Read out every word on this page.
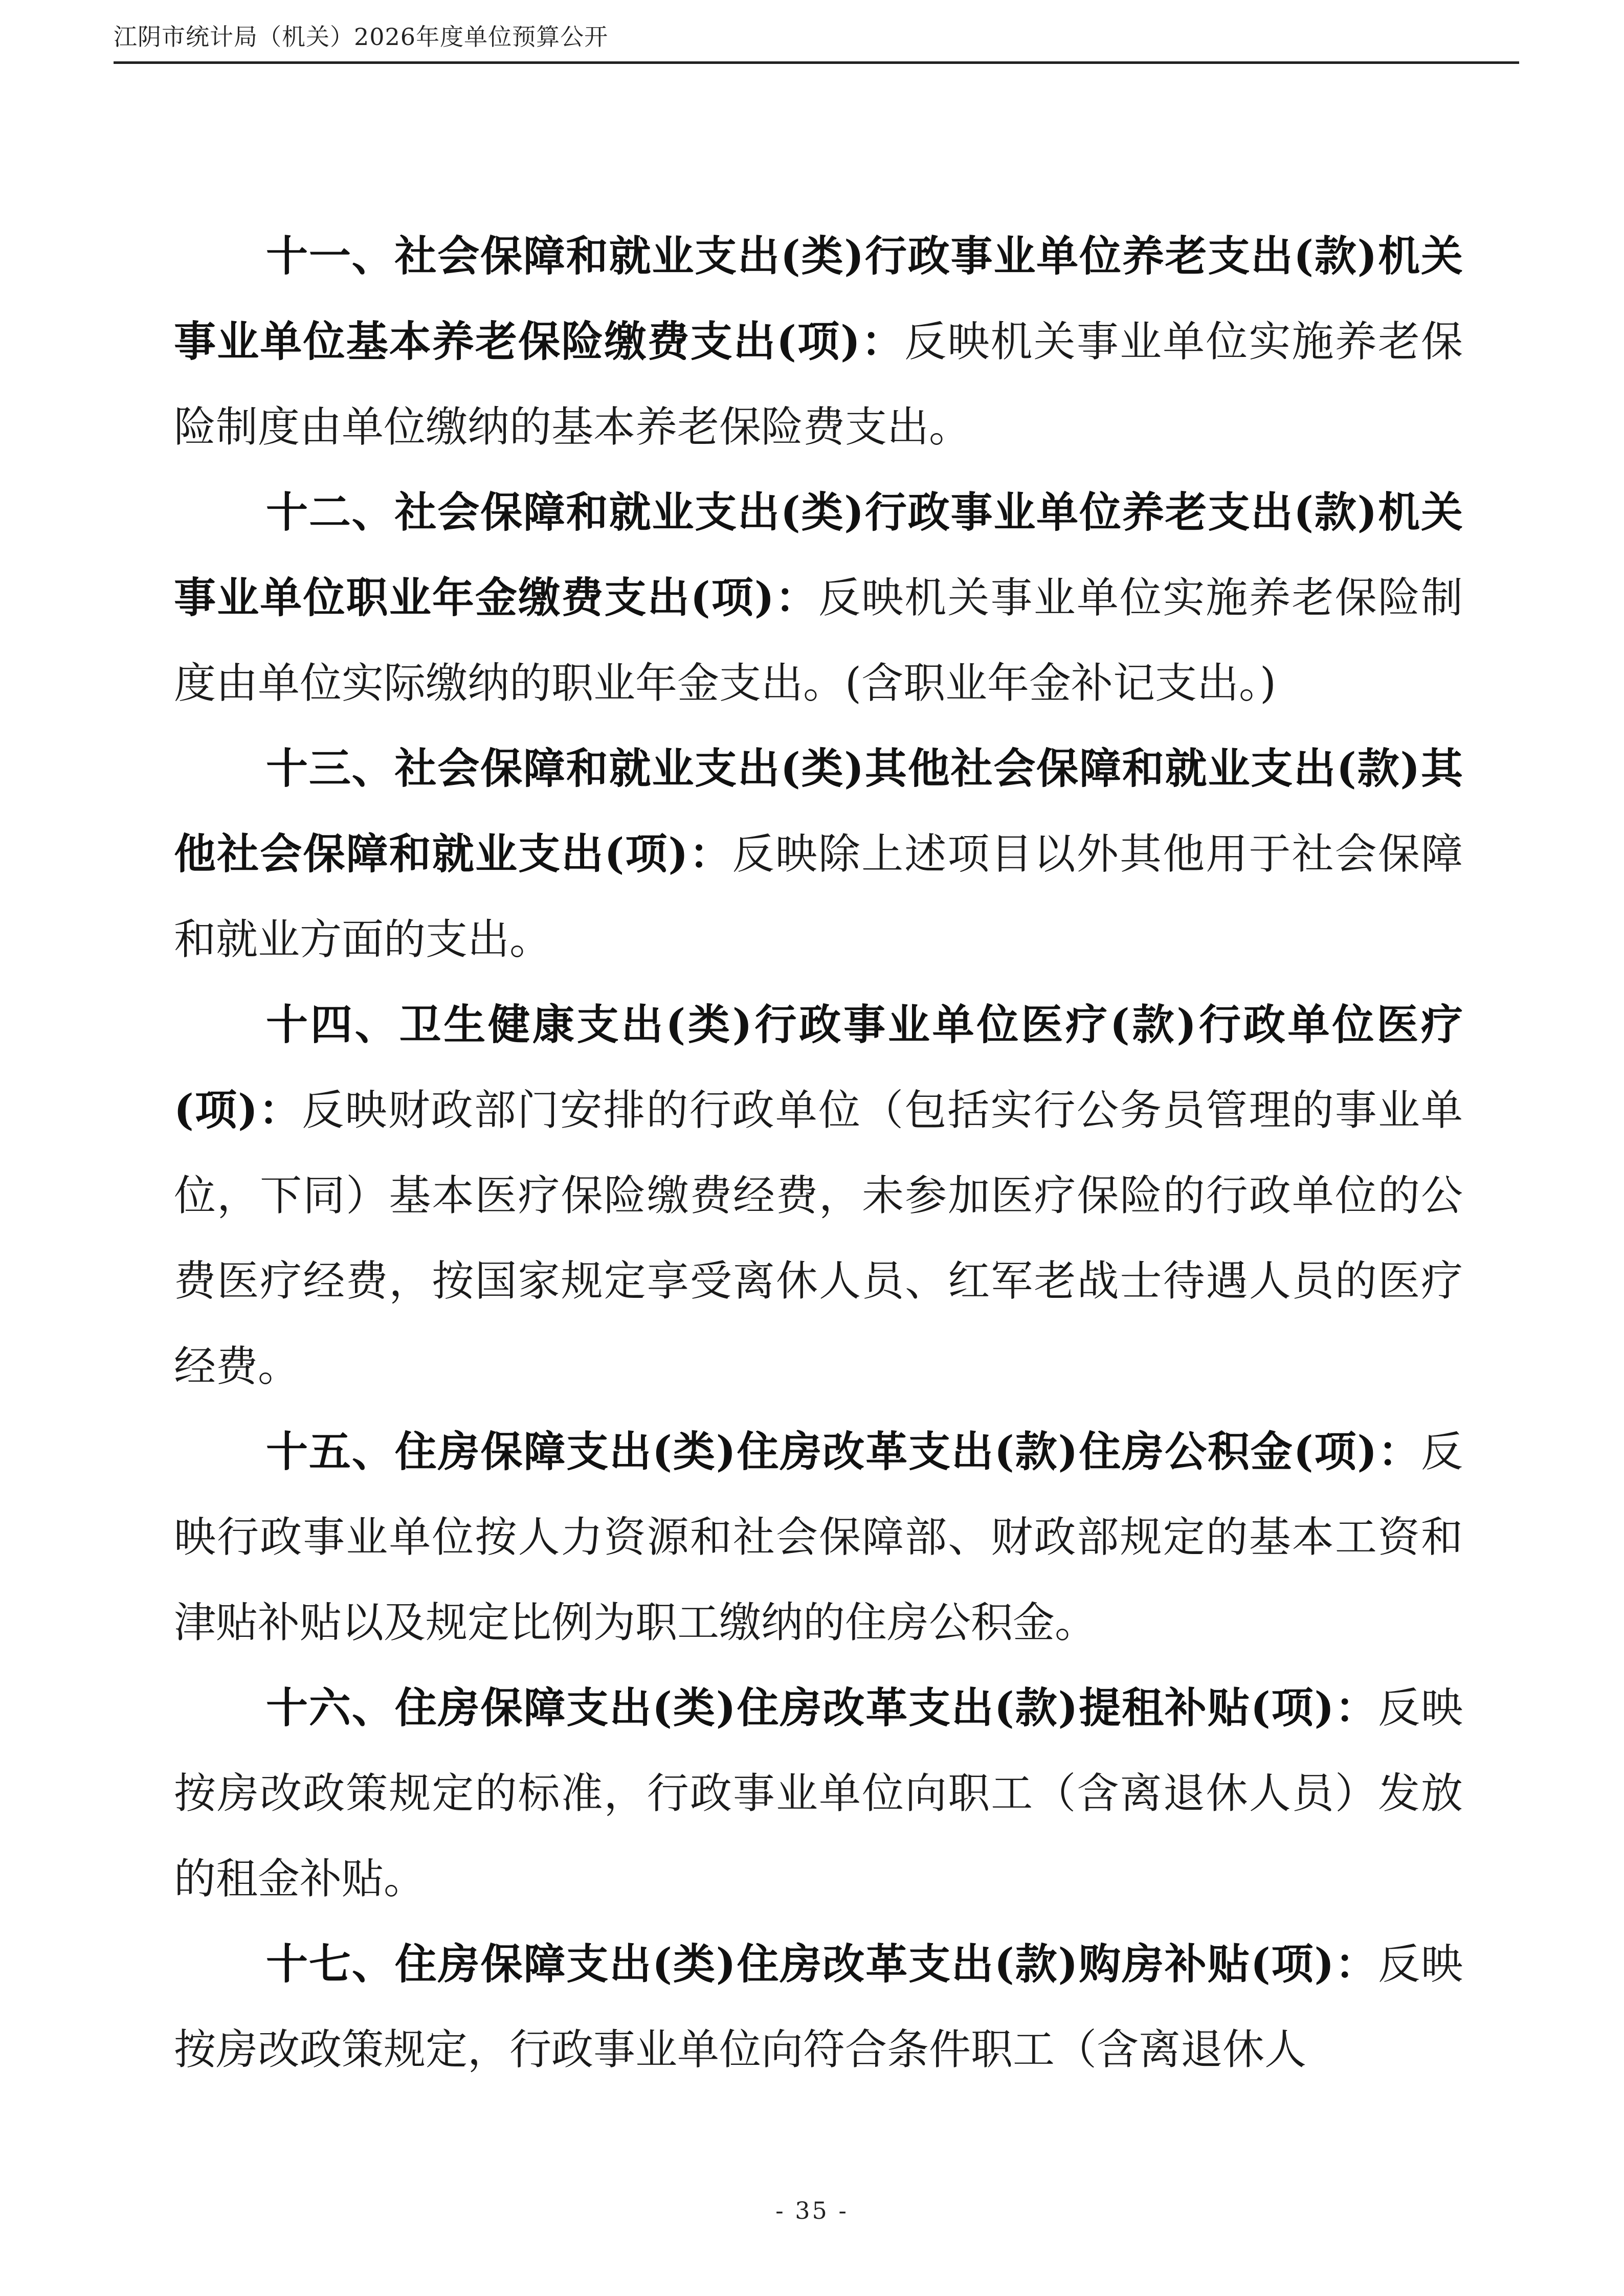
江阴市统计局（机关）2026年度单位预算公开

十一、社会保障和就业支出(类)行政事业单位养老支出(款)机关事业单位基本养老保险缴费支出(项)：反映机关事业单位实施养老保险制度由单位缴纳的基本养老保险费支出。

十二、社会保障和就业支出(类)行政事业单位养老支出(款)机关事业单位职业年金缴费支出(项)：反映机关事业单位实施养老保险制度由单位实际缴纳的职业年金支出。(含职业年金补记支出。)

十三、社会保障和就业支出(类)其他社会保障和就业支出(款)其他社会保障和就业支出(项)：反映除上述项目以外其他用于社会保障和就业方面的支出。

十四、卫生健康支出(类)行政事业单位医疗(款)行政单位医疗(项)：反映财政部门安排的行政单位（包括实行公务员管理的事业单位，下同）基本医疗保险缴费经费，未参加医疗保险的行政单位的公费医疗经费，按国家规定享受离休人员、红军老战士待遇人员的医疗经费。

十五、住房保障支出(类)住房改革支出(款)住房公积金(项)：反映行政事业单位按人力资源和社会保障部、财政部规定的基本工资和津贴补贴以及规定比例为职工缴纳的住房公积金。

十六、住房保障支出(类)住房改革支出(款)提租补贴(项)：反映按房改政策规定的标准，行政事业单位向职工（含离退休人员）发放的租金补贴。

十七、住房保障支出(类)住房改革支出(款)购房补贴(项)：反映按房改政策规定，行政事业单位向符合条件职工（含离退休人

- 35 -
